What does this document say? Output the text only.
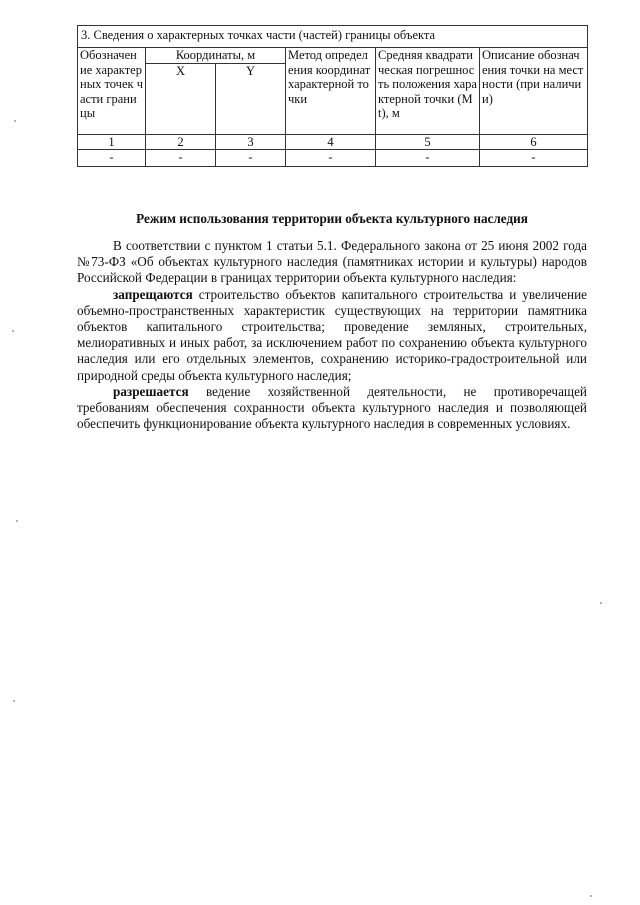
3. Сведения о характерных точках части (частей) границы объекта					
Обозначение характерных точек части границы	Координаты, м		Метод определения координат характерной точки	Средняя квадратическая погрешность положения характерной точки (Mt), м	Описание обозначения точки на местности (при наличии)
	X	Y			
1	2	3	4	5	6
-	-	-	-	-	-
Режим использования территории объекта культурного наследия

В соответствии с пунктом 1 статьи 5.1. Федерального закона от 25 июня 2002 года №73-ФЗ «Об объектах культурного наследия (памятниках истории и культуры) народов Российской Федерации в границах территории объекта культурного наследия:

запрещаются строительство объектов капитального строительства и увеличение объемно-пространственных характеристик существующих на территории памятника объектов капитального строительства; проведение земляных, строительных, мелиоративных и иных работ, за исключением работ по сохранению объекта культурного наследия или его отдельных элементов, сохранению историко-градостроительной или природной среды объекта культурного наследия;

разрешается ведение хозяйственной деятельности, не противоречащей требованиям обеспечения сохранности объекта культурного наследия и позволяющей обеспечить функционирование объекта культурного наследия в современных условиях.
